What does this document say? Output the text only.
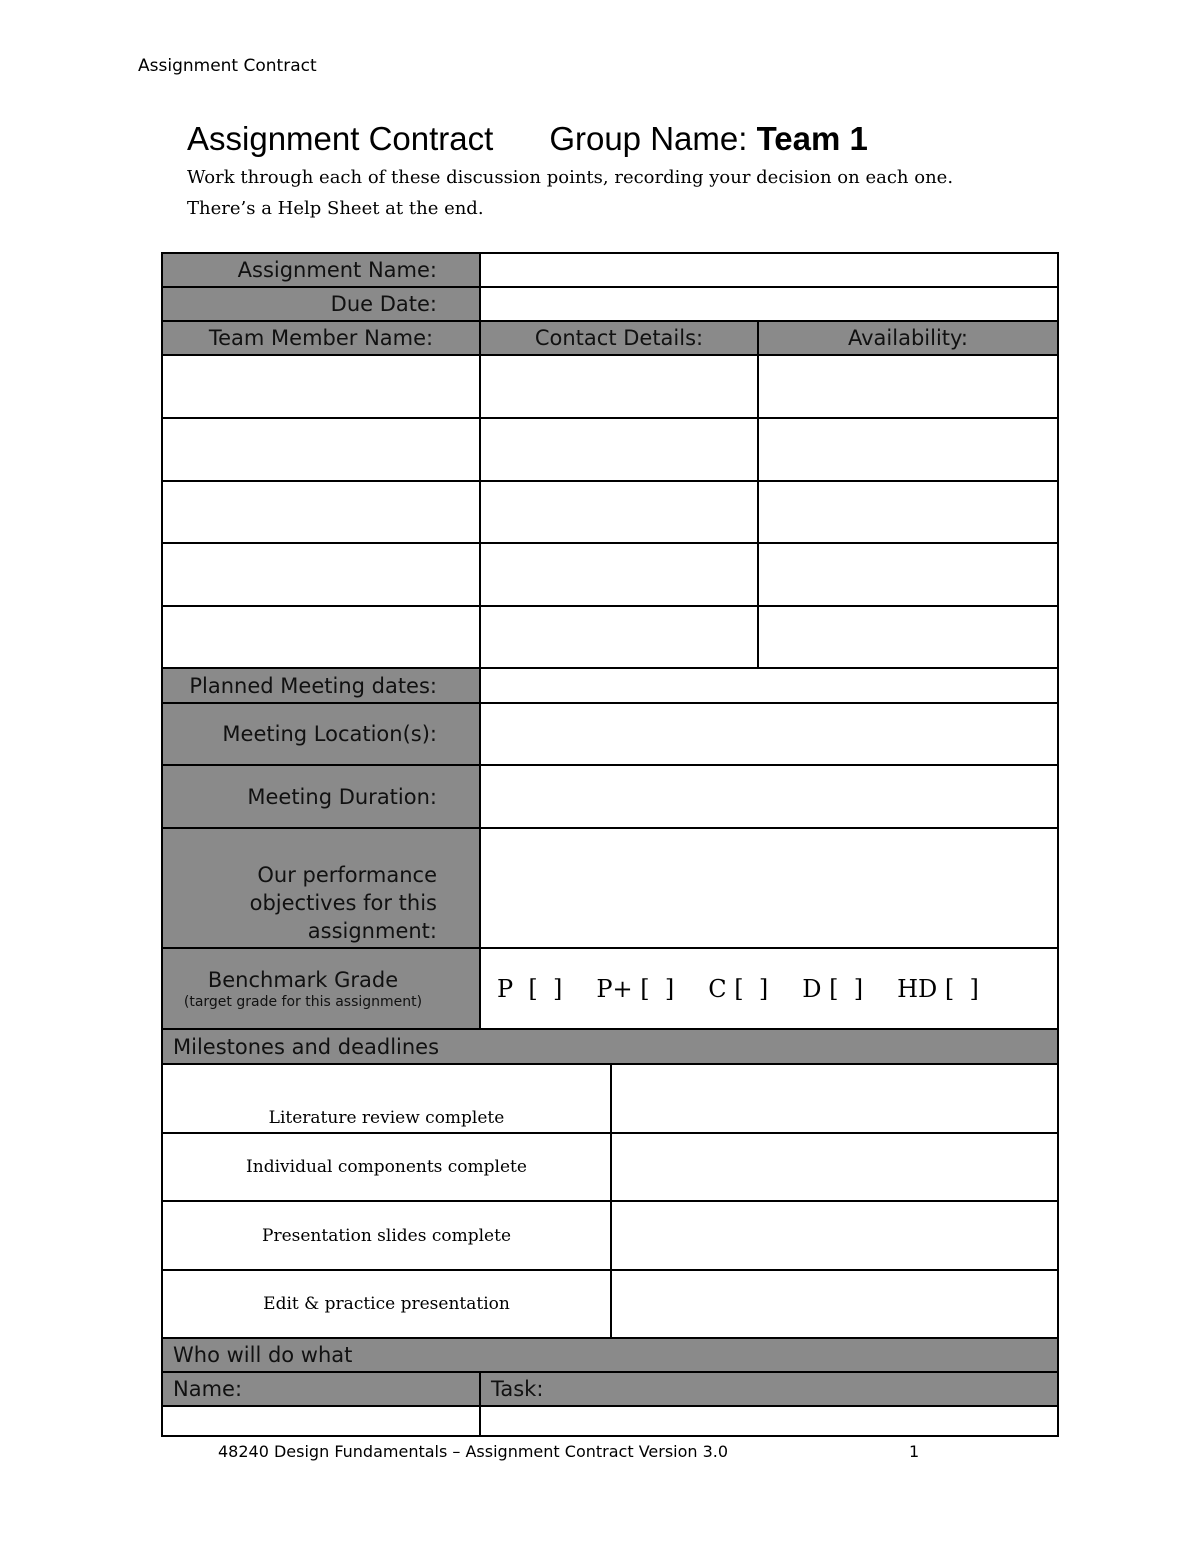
Assignment Contract
Assignment Contract Group Name: Team 1
Work through each of these discussion points, recording your decision on each one.
There’s a Help Sheet at the end.
Assignment Name:
Due Date:
Team Member Name:	Contact Details:	Availability:
Planned Meeting dates:
Meeting Location(s):
Meeting Duration:
Our performance
objectives for this
assignment:
Benchmark Grade
(target grade for this assignment)	P  [  ] P+ [  ] C [  ] D [  ] HD [  ]
Milestones and deadlines
Literature review complete
Individual components complete
Presentation slides complete
Edit & practice presentation
Who will do what
Name:	Task:
48240 Design Fundamentals – Assignment Contract Version 3.0	1
